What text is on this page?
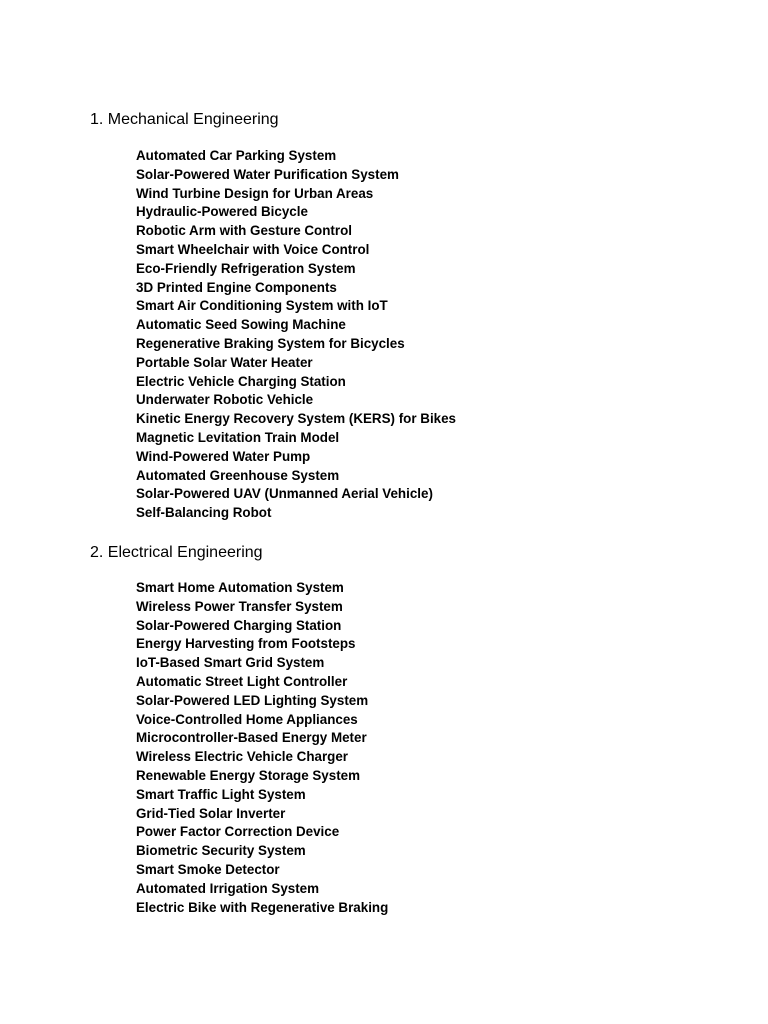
1. Mechanical Engineering
Automated Car Parking System
Solar-Powered Water Purification System
Wind Turbine Design for Urban Areas
Hydraulic-Powered Bicycle
Robotic Arm with Gesture Control
Smart Wheelchair with Voice Control
Eco-Friendly Refrigeration System
3D Printed Engine Components
Smart Air Conditioning System with IoT
Automatic Seed Sowing Machine
Regenerative Braking System for Bicycles
Portable Solar Water Heater
Electric Vehicle Charging Station
Underwater Robotic Vehicle
Kinetic Energy Recovery System (KERS) for Bikes
Magnetic Levitation Train Model
Wind-Powered Water Pump
Automated Greenhouse System
Solar-Powered UAV (Unmanned Aerial Vehicle)
Self-Balancing Robot
2. Electrical Engineering
Smart Home Automation System
Wireless Power Transfer System
Solar-Powered Charging Station
Energy Harvesting from Footsteps
IoT-Based Smart Grid System
Automatic Street Light Controller
Solar-Powered LED Lighting System
Voice-Controlled Home Appliances
Microcontroller-Based Energy Meter
Wireless Electric Vehicle Charger
Renewable Energy Storage System
Smart Traffic Light System
Grid-Tied Solar Inverter
Power Factor Correction Device
Biometric Security System
Smart Smoke Detector
Automated Irrigation System
Electric Bike with Regenerative Braking
